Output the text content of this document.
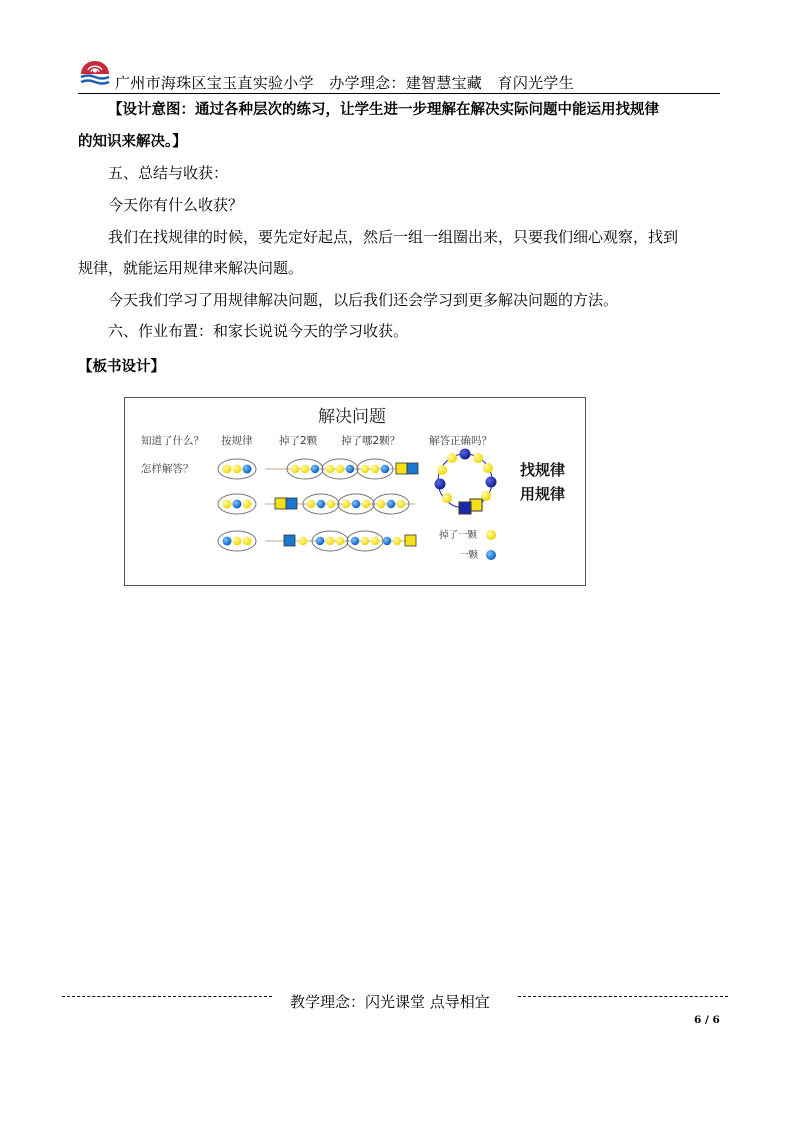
广州市海珠区宝玉直实验小学　 办学理念：建智慧宝藏　育闪光学生
【设计意图：通过各种层次的练习，让学生进一步理解在解决实际问题中能运用找规律
的知识来解决。】
五、总结与收获：
今天你有什么收获？
我们在找规律的时候，要先定好起点，然后一组一组圈出来，只要我们细心观察，找到
规律，就能运用规律来解决问题。
今天我们学习了用规律解决问题，以后我们还会学习到更多解决问题的方法。
六、作业布置：和家长说说今天的学习收获。
【板书设计】
解决问题
知道了什么？ 按规律	掉了2颗 掉了哪2颗？	解答正确吗？
怎样解答？	找规律
用规律
掉了一颗
一颗
教学理念：闪光课堂 点导相宜
6 / 6
